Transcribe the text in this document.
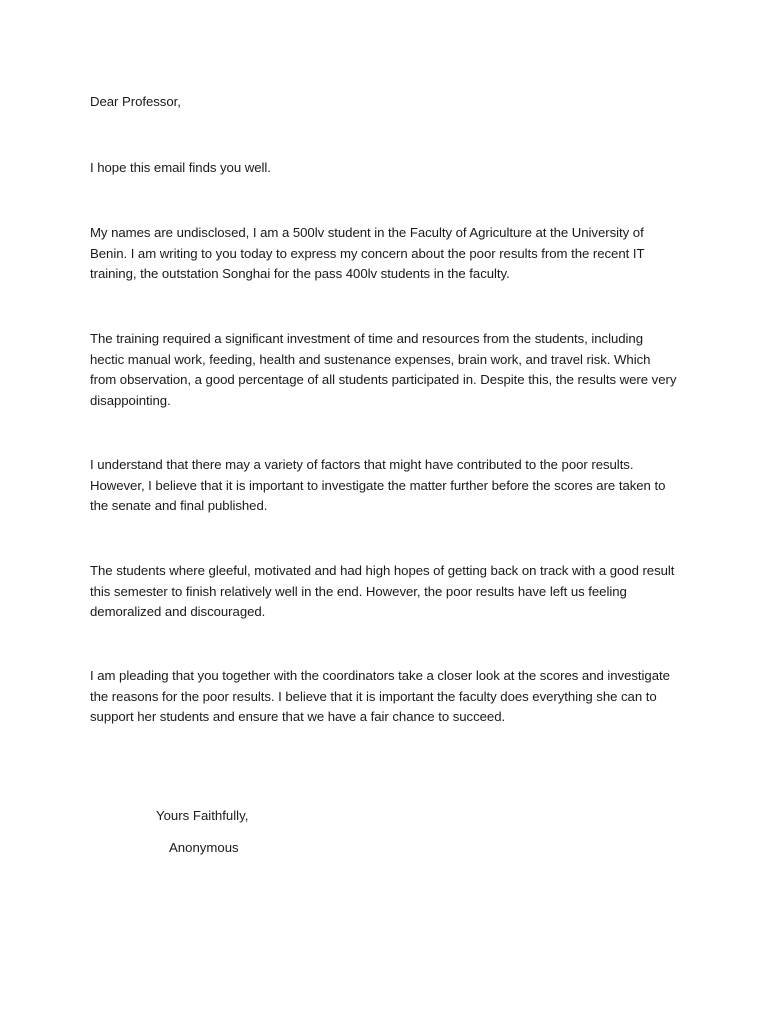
Dear Professor,

I hope this email finds you well.

My names are undisclosed, I am a 500lv student in the Faculty of Agriculture at the University of Benin. I am writing to you today to express my concern about the poor results from the recent IT training, the outstation Songhai for the pass 400lv students in the faculty.

The training required a significant investment of time and resources from the students, including hectic manual work, feeding, health and sustenance expenses, brain work, and travel risk. Which from observation, a good percentage of all students participated in. Despite this, the results were very disappointing.

I understand that there may a variety of factors that might have contributed to the poor results. However, I believe that it is important to investigate the matter further before the scores are taken to the senate and final published.

The students where gleeful, motivated and had high hopes of getting back on track with a good result this semester to finish relatively well in the end. However, the poor results have left us feeling demoralized and discouraged.

I am pleading that you together with the coordinators take a closer look at the scores and investigate the reasons for the poor results. I believe that it is important the faculty does everything she can to support her students and ensure that we have a fair chance to succeed.

Yours Faithfully,

Anonymous
